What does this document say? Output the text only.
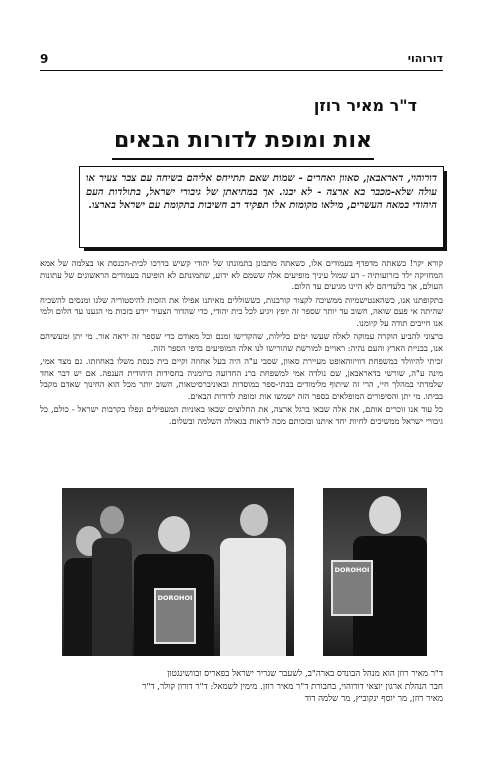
9	דורוהוי
ד"ר מאיר רוזן
אות ומופת לדורות הבאים
דורוהוי, דאראבאן, סאוון ואחרים - שמות שאם תתייחס אליהם בשיחה עם צבר צעיר או עולה שלא-מכבר בא ארצה - לא יבנו. אך במתיאתן של גיבורי ישראל, בתולדות העם היהודי במאה העשרים, מילאו מקומות אלו תפקיד רב חשיבות בתקומת עם ישראל בארצו.

קורא יקר! כשאתה מדפדף בעמודים אלו, כשאתה מתבונן בתמונתו של יהודי קשיש בדרכו לבית-הכנסת או בצלמה של אמא המחזיקה ילד בזרועותיה - דע שמול עיניך מופיעים אלה ששמם לא ידוע, שתמונתם לא הופיעה בעמודים הראשונים של עתונות העולם, אך בלעדיהם לא היינו מגיעים עד הלום.

בתקופתנו אנו, כשהאנטישמיות ממשיכה לקצור קורבנות, כששוללים מאיתנו אפילו את הזכות להיסטוריה שלנו ומנסים להשכיח שהיתה אי פעם שואה, חשוב עד יותר שספר זה יופץ ויגיע לכל בית יהודי, כדי שהדור הצעיר יידע בזכות מי הגענו עד הלום ולמי אנו חייבים תודה על קיומנו.

ברצוני להביע הוקרה עמוקה לאלה שעשו ימים כלילות, שהקדישו זמנם וכל מאודם כדי שספר זה יראה אור. מי יתן ומעשיהם אנו, בבניית הארץ והעם נהיה: ראויים למורשת שהורישו לנו אלה המופיעים בדפי הספר הזה.

זכיתי להיוולד במשפחת דוויזוהאופט מעיירת סאוון, שסבי ע"ה היה בעל אחוזה וקיים בית כנסת משלו באחוזתו. גם מצד אמי, מינה ע"ה, שורשי בדאראבאן, שם נולדה אמי למשפחת ברנ החדועה ברומניה בחסידות היהודית הענפה. אם יש דבר אחד שלמדתי במהלך חיי, הרי זה שיתוף מלימודים בבתי-ספר במוסדות ובאוניברסיטאות, חשוב יותר מכל הוא החינוך שאדם מקבל בביתו. מי יתן והסיפורים המופלאים בספר הזה ישמשו אות ומופת לדורות הבאים.

כל עוד אנו זוכרים אותם, את אלה שבאו ברגל ארצה, את החלוצים שבאו באוניות המעפילים ונפלו בקרבות ישראל - כולם, כל גיבורי ישראל ממשיכים לחיות יחד איתנו ובזכותם מכה לראות בגאולה השלמה ובשלום.

DOROHOI
DOROHOI

ד"ר מאיר רוזן הוא מנהל הבונדס בארה"ב, לשעבר שגריר ישראל בפאריס ובוושינגטון

חבר הנהלת ארגון יוצאי דורוהוי, בחבורת ד"ר מאיר רוזן. מימין לשמאל: ד"ר דורון קולר, ד"ר

מאיר רוזן, מר יוסף ינקוביץ, מר שלמה דוד
